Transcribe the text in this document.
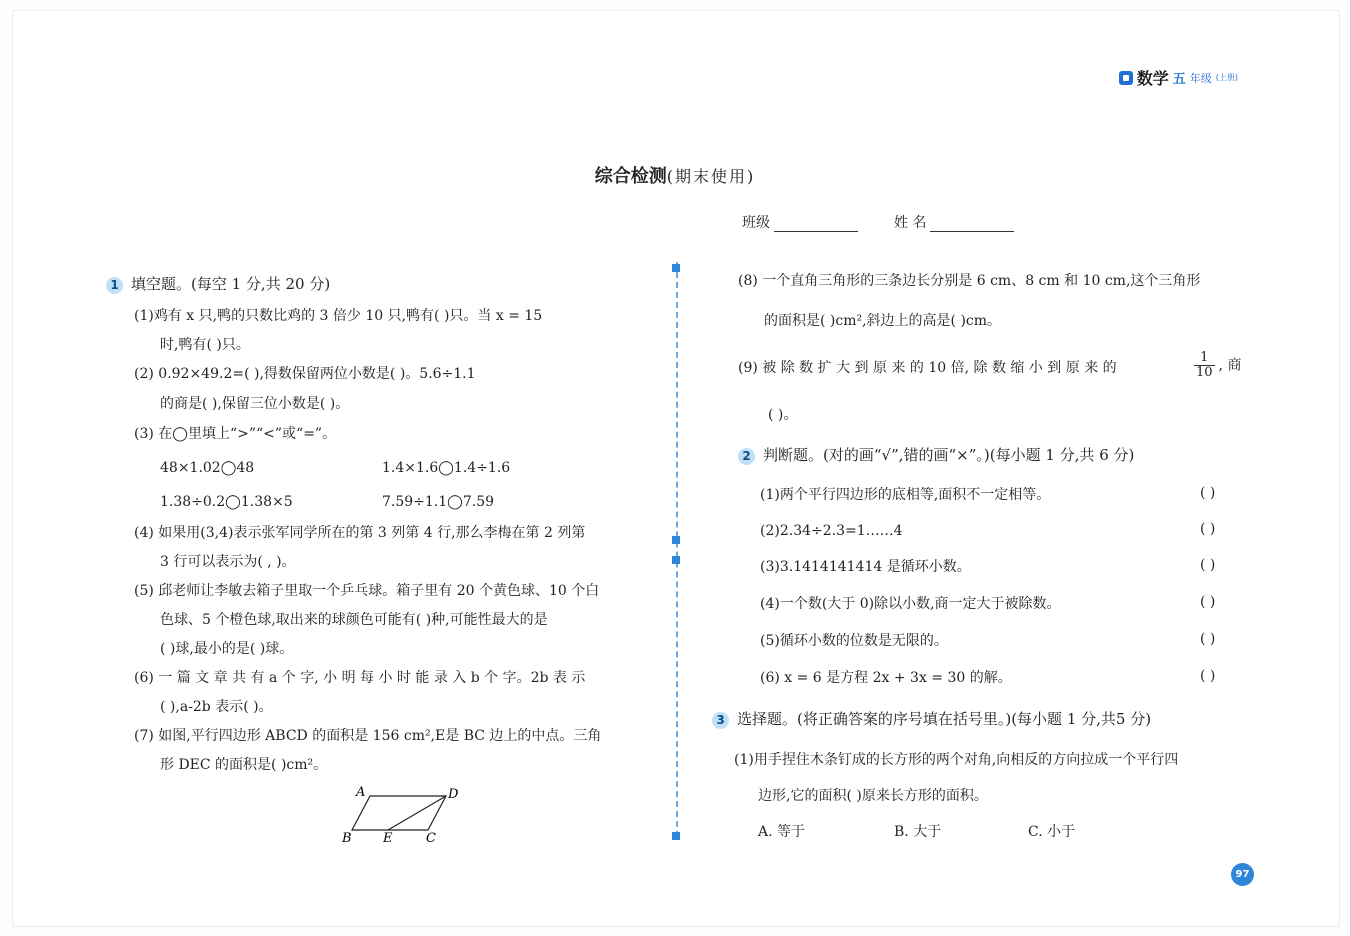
数学 五 年级 (上册)
综合检测(期末使用)
班级	姓 名
1 填空题。(每空 1 分,共 20 分)
(1)鸡有 x 只,鸭的只数比鸡的 3 倍少 10 只,鸭有( )只。当 x = 15
时,鸭有( )只。
(2) 0.92×49.2=( ),得数保留两位小数是( )。5.6÷1.1
的商是( ),保留三位小数是( )。
(3) 在◯里填上“>”“<”或“=”。
48×1.02◯48	1.4×1.6◯1.4÷1.6
1.38÷0.2◯1.38×5	7.59÷1.1◯7.59
(4) 如果用(3,4)表示张军同学所在的第 3 列第 4 行,那么李梅在第 2 列第
3 行可以表示为( , )。
(5) 邱老师让李敏去箱子里取一个乒乓球。箱子里有 20 个黄色球、10 个白
色球、5 个橙色球,取出来的球颜色可能有( )种,可能性最大的是
( )球,最小的是( )球。
(6) 一 篇 文 章 共 有 a 个 字, 小 明 每 小 时 能 录 入 b 个 字。2b 表 示
( ),a-2b 表示( )。
(7) 如图,平行四边形 ABCD 的面积是 156 cm²,E是 BC 边上的中点。三角
形 DEC 的面积是( )cm²。
A	D
B E	C
(8) 一个直角三角形的三条边长分别是 6 cm、8 cm 和 10 cm,这个三角形
的面积是( )cm²,斜边上的高是( )cm。
(9) 被 除 数 扩 大 到 原 来 的 10 倍, 除 数 缩 小 到 原 来 的	$\frac{1}{10}$ , 商
( )。
2 判断题。(对的画“√”,错的画“×”。)(每小题 1 分,共 6 分)
(1)两个平行四边形的底相等,面积不一定相等。	( )
(2)2.34÷2.3=1……4	( )
(3)3.1414141414 是循环小数。	( )
(4)一个数(大于 0)除以小数,商一定大于被除数。	( )
(5)循环小数的位数是无限的。	( )
(6) x = 6 是方程 2x + 3x = 30 的解。	( )
3 选择题。(将正确答案的序号填在括号里。)(每小题 1 分,共5 分)
(1)用手捏住木条钉成的长方形的两个对角,向相反的方向拉成一个平行四
边形,它的面积( )原来长方形的面积。
A. 等于	B. 大于	C. 小于
97
